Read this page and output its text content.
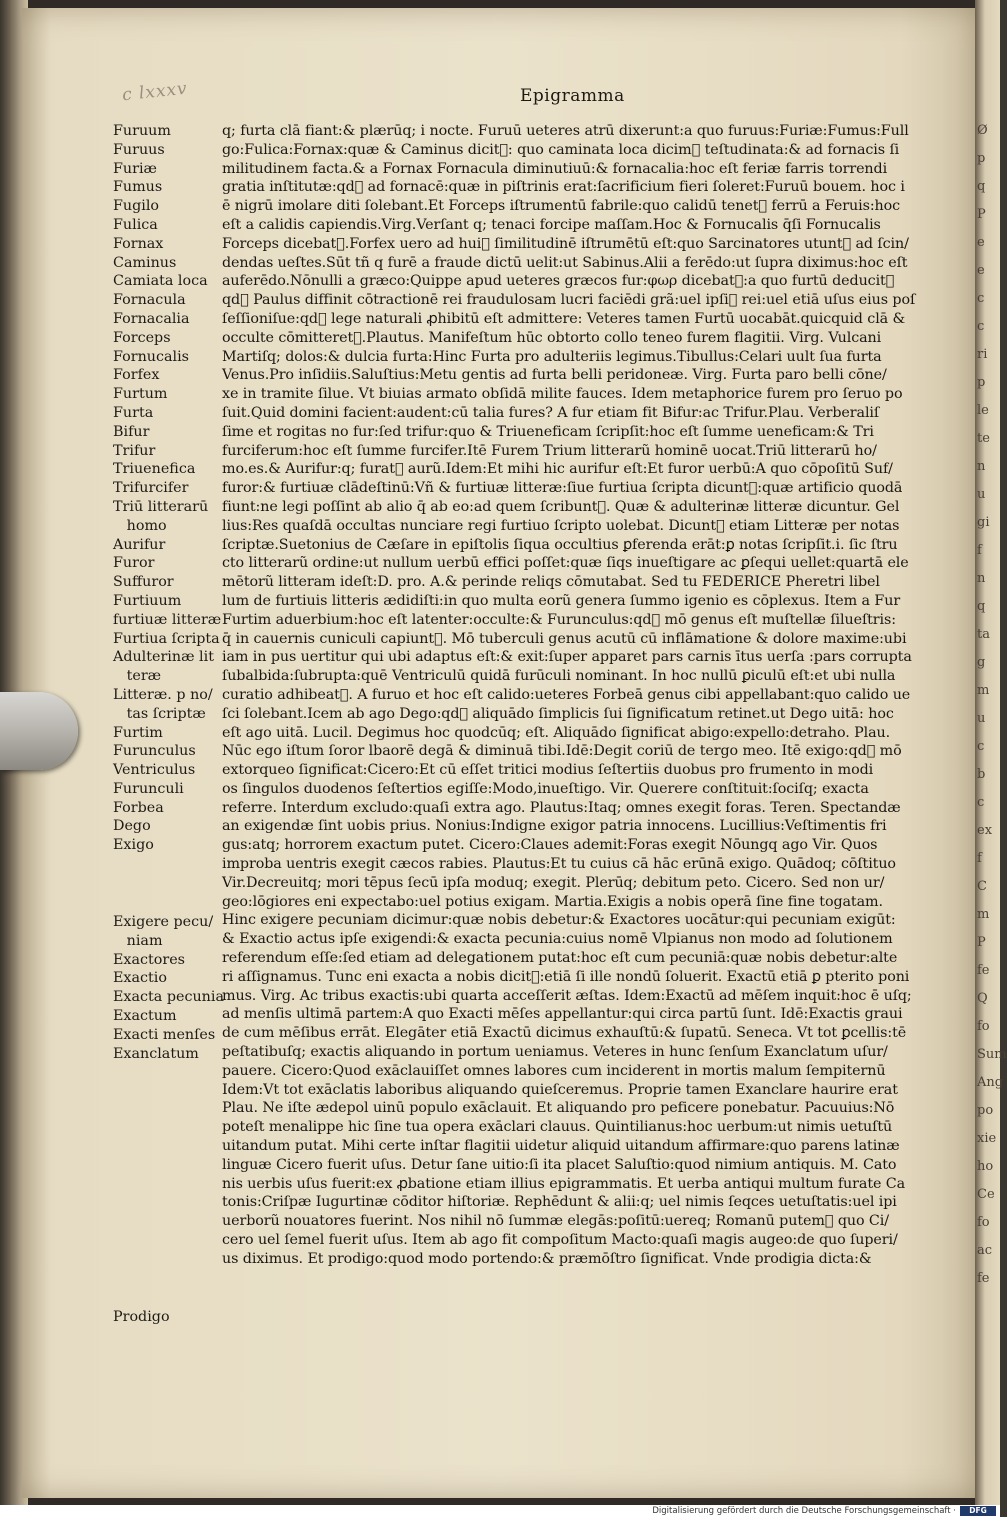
Ø
p
q
P
e
e
c
c
ri
p
le
te
n
u
gi
f
n
q
ta
g
m
u
c
b
c
ex
f
C
m
P
fe
Q
fo
Sum
Ang
po
xie
ho
Ce
fo
ac
fe
c lxxxv	Epigramma
Furuum
Furuus
Furiæ
Fumus
Fugilo
Fulica
Fornax
Caminus
Camiata loca
Fornacula
Fornacalia
Forceps
Fornucalis
Forfex
Furtum
Furta
Bifur
Trifur
Triuenefica
Trifurcifer
Triū litterarū
homo
Aurifur
Furor
Suffuror
Furtiuum
furtiuæ litteræ
Furtiua ſcripta
Adulterinæ lit
teræ
Litteræ. p no/
tas ſcriptæ
Furtim
Furunculus
Ventriculus
Furunculi
Forbea
Dego
Exigo
Exigere pecu/
niam
Exactores
Exactio
Exacta pecunia
Exactum
Exacti menſes
Exanclatum
Prodigo
q; furta clā fiant:& plærūq; i nocte. Furuū ueteres atrū dixerunt:a quo furuus:Furiæ:Fumus:Full
go:Fulica:Fornax:quæ & Caminus dicit᷑: quo caminata loca dicim᷒ teſtudinata:& ad fornacis ſi
militudinem facta.& a Fornax Fornacula diminutiuū:& fornacalia:hoc eſt feriæ farris torrendi
gratia inſtitutæ:qd᷑ ad fornacē:quæ in piſtrinis erat:ſacrificium fieri ſoleret:Furuū bouem. hoc i
ē nigrū imolare diti ſolebant.Et Forceps iſtrumentū fabrile:quo calidū tenet᷑ ferrū a Feruis:hoc
eſt a calidis capiendis.Virg.Verſant q; tenaci forcipe maſſam.Hoc & Fornucalis q̄ſi Fornucalis
Forceps dicebat᷑.Forfex uero ad hui᷒ ſimilitudinē iſtrumētū eſt:quo Sarcinatores utunt᷑ ad ſcin/
dendas ueſtes.Sūt tñ q furē a fraude dictū uelit:ut Sabinus.Alii a ferēdo:ut ſupra diximus:hoc eſt
auferēdo.Nōnulli a græco:Quippe apud ueteres græcos fur:φωρ dicebat᷑:a quo furtū deducit᷑
qd᷑ Paulus diffinit cōtractionē rei fraudulosam lucri faciēdi grã:uel ipſi᷒ rei:uel etiā uſus eius poſ
ſeſſioniſue:qd᷑ lege naturali ꝓhibitū eſt admittere: Veteres tamen Furtū uocabāt.quicquid clā &
occulte cōmitteret᷑.Plautus. Manifeſtum hūc obtorto collo teneo furem flagitii. Virg. Vulcani
Martiſq; dolos:& dulcia furta:Hinc Furta pro adulteriis legimus.Tibullus:Celari uult ſua furta
Venus.Pro inſidiis.Saluſtius:Metu gentis ad furta belli peridoneæ. Virg. Furta paro belli cōne/
xe in tramite ſilue. Vt biuias armato obſidā milite fauces. Idem metaphorice furem pro ſeruo po
ſuit.Quid domini facient:audent:cū talia fures? A fur etiam fit Bifur:ac Trifur.Plau. Verberaliſ
ſime et rogitas no fur:ſed trifur:quo & Triueneficam ſcripſit:hoc eſt ſumme ueneficam:& Tri
furciferum:hoc eſt ſumme furcifer.Itē Furem Trium litterarũ hominē uocat.Triū litterarū ho/
mo.es.& Aurifur:q; furat᷑ aurũ.Idem:Et mihi hic aurifur eſt:Et furor uerbū:A quo cōpoſitū Suf/
furor:& furtiuæ clādeſtinū:Vñ & furtiuæ litteræ:ſiue furtiua ſcripta dicunt᷑:quæ artificio quodā
fiunt:ne legi poſſint ab alio q̄ ab eo:ad quem ſcribunt᷑. Quæ & adulterinæ litteræ dicuntur. Gel
lius:Res quaſdā occultas nunciare regi furtiuo ſcripto uolebat. Dicunt᷑ etiam Litteræ per notas
ſcriptæ.Suetonius de Cæſare in epiſtolis ſiqua occultius ꝑferenda erāt:ꝑ notas ſcripſit.i. ſic ſtru
cto litterarũ ordine:ut nullum uerbū effici poſſet:quæ ſiqs inueſtigare ac ꝑſequi uellet:quartā ele
mētorũ litteram ideſt:D. pro. A.& perinde reliqs cōmutabat. Sed tu FEDERICE Pheretri libel
lum de furtiuis litteris ædidiſti:in quo multa eorũ genera ſummo igenio es cōplexus. Item a Fur
Furtim aduerbium:hoc eſt latenter:occulte:& Furunculus:qd᷑ mō genus eſt muſtellæ ſilueſtris:
q̄ in cauernis cuniculi capiunt᷑. Mō tuberculi genus acutū cū inflāmatione & dolore maxime:ubi
iam in pus uertitur qui ubi adaptus eſt:& exit:ſuper apparet pars carnis ītus uerſa :pars corrupta
ſubalbida:ſubrupta:quē Ventriculū quidā furūculi nominant. In hoc nullū ꝑiculū eſt:et ubi nulla
curatio adhibeat᷑. A furuo et hoc eſt calido:ueteres Forbeā genus cibi appellabant:quo calido ue
ſci ſolebant.Icem ab ago Dego:qd᷑ aliquādo ſimplicis ſui ſignificatum retinet.ut Dego uitā: hoc
eſt ago uitā. Lucil. Degimus hoc quodcūq; eſt. Aliquādo ſignificat abigo:expello:detraho. Plau.
Nūc ego iſtum ſoror lbaorē degā & diminuā tibi.Idē:Degit coriū de tergo meo. Itē exigo:qd᷑ mō
extorqueo ſignificat:Cicero:Et cū eſſet tritici modius ſeſtertiis duobus pro frumento in modi
os ſingulos duodenos ſeſtertios egiſſe:Modo,inueſtigo. Vir. Querere conſtituit:ſociſq; exacta
referre. Interdum excludo:quaſi extra ago. Plautus:Itaq; omnes exegit foras. Teren. Spectandæ
an exigendæ ſint uobis prius. Nonius:Indigne exigor patria innocens. Lucillius:Veſtimentis fri
gus:atq; horrorem exactum putet. Cicero:Claues ademit:Foras exegit Nōungq ago Vir. Quos
improba uentris exegit cæcos rabies. Plautus:Et tu cuius cā hāc erūnā exigo. Quādoq; cōſtituo
Vir.Decreuitq; mori tēpus ſecū ipſa moduq; exegit. Plerūq; debitum peto. Cicero. Sed non ur/
geo:lōgiores eni expectabo:uel potius exigam. Martia.Exigis a nobis operā ſine fine togatam.
Hinc exigere pecuniam dicimur:quæ nobis debetur:& Exactores uocātur:qui pecuniam exigūt:
& Exactio actus ipſe exigendi:& exacta pecunia:cuius nomē Vlpianus non modo ad ſolutionem
referendum eſſe:ſed etiam ad delegationem putat:hoc eſt cum pecuniā:quæ nobis debetur:alte
ri aſſignamus. Tunc eni exacta a nobis dicit᷑:etiā ſi ille nondū ſoluerit. Exactū etiā ꝑ pterito poni
mus. Virg. Ac tribus exactis:ubi quarta acceſſerit æſtas. Idem:Exactū ad mēſem inquit:hoc ē uſq;
ad menſis ultimā partem:A quo Exacti mēſes appellantur:qui circa partū ſunt. Idē:Exactis graui
de cum mēſibus errāt. Elegāter etiā Exactū dicimus exhauſtū:& ſupatū. Seneca. Vt tot ꝑcellis:tē
peſtatibuſq; exactis aliquando in portum ueniamus. Veteres in hunc ſenſum Exanclatum uſur/
pauere. Cicero:Quod exāclauiſſet omnes labores cum inciderent in mortis malum ſempiternū
Idem:Vt tot exāclatis laboribus aliquando quieſceremus. Proprie tamen Exanclare haurire erat
Plau. Ne iſte ædepol uinū populo exāclauit. Et aliquando pro peficere ponebatur. Pacuuius:Nō
poteſt menalippe hic ſine tua opera exāclari clauus. Quintilianus:hoc uerbum:ut nimis uetuſtū
uitandum putat. Mihi certe inſtar flagitii uidetur aliquid uitandum affirmare:quo parens latinæ
linguæ Cicero fuerit uſus. Detur ſane uitio:ſi ita placet Saluſtio:quod nimium antiquis. M. Cato
nis uerbis uſus fuerit:ex ꝓbatione etiam illius epigrammatis. Et uerba antiqui multum furate Ca
tonis:Criſpæ Iugurtinæ cōditor hiſtoriæ. Rephēdunt & alii:q; uel nimis ſeqces uetuſtatis:uel ipi
uerborũ nouatores fuerint. Nos nihil nō ſummæ elegās:poſitū:uereq; Romanū putem᷒ quo Ci/
cero uel ſemel fuerit uſus. Item ab ago fit compoſitum Macto:quaſi magis augeo:de quo ſuperi/
us diximus. Et prodigo:quod modo portendo:& præmōſtro ſignificat. Vnde prodigia dicta:&
Digitalisierung gefördert durch die Deutsche Forschungsgemeinschaft ·	DFG
